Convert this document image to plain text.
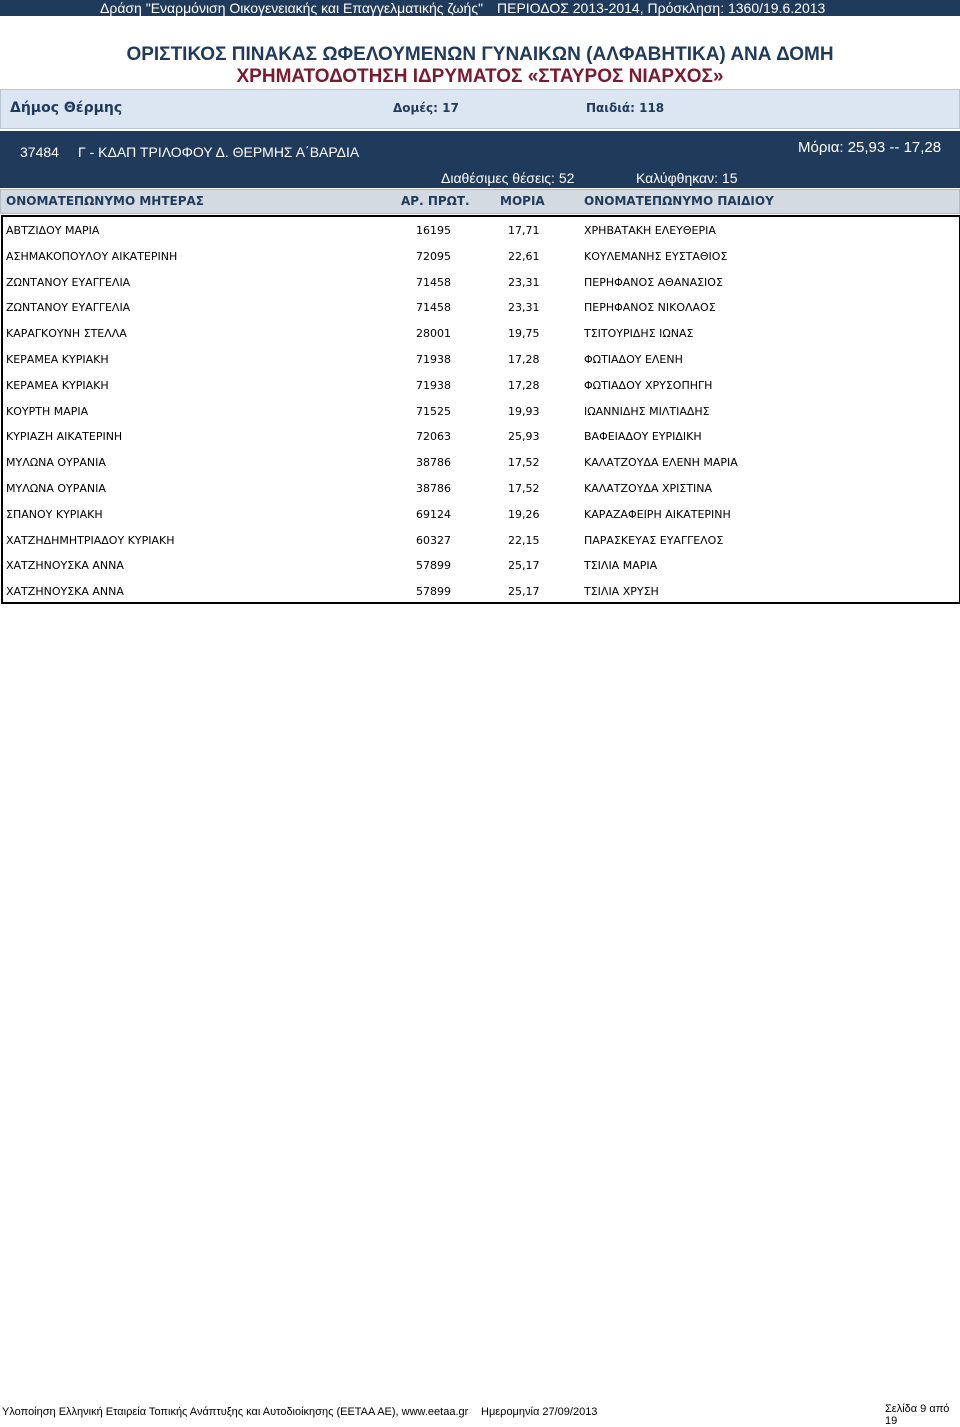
Δράση "Εναρμόνιση Οικογενειακής και Επαγγελματικής ζωής" ΠΕΡΙΟΔΟΣ 2013-2014, Πρόσκληση: 1360/19.6.2013
ΟΡΙΣΤΙΚΟΣ ΠΙΝΑΚΑΣ ΩΦΕΛΟΥΜΕΝΩΝ ΓΥΝΑΙΚΩΝ (ΑΛΦΑΒΗΤΙΚΑ) ΑΝΑ ΔΟΜΗ
ΧΡΗΜΑΤΟΔΟΤΗΣΗ ΙΔΡΥΜΑΤΟΣ «ΣΤΑΥΡΟΣ ΝΙΑΡΧΟΣ»
Δήμος Θέρμης	Δομές: 17	Παιδιά: 118
37484 Γ - ΚΔΑΠ ΤΡΙΛΟΦΟΥ Δ. ΘΕΡΜΗΣ Α΄ΒΑΡΔΙΑ	Μόρια: 25,93 -- 17,28
Διαθέσιμες θέσεις: 52	Καλύφθηκαν: 15
ΟΝΟΜΑΤΕΠΩΝΥΜΟ ΜΗΤΕΡΑΣ	ΑΡ. ΠΡΩΤ.	ΜΟΡΙΑ	ΟΝΟΜΑΤΕΠΩΝΥΜΟ ΠΑΙΔΙΟΥ
ΑΒΤΖΙΔΟΥ ΜΑΡΙΑ	16195	17,71	ΧΡΗΒΑΤΑΚΗ ΕΛΕΥΘΕΡΙΑ
ΑΣΗΜΑΚΟΠΟΥΛΟΥ ΑΙΚΑΤΕΡΙΝΗ	72095	22,61	ΚΟΥΛΕΜΑΝΗΣ ΕΥΣΤΑΘΙΟΣ
ΖΩΝΤΑΝΟΥ ΕΥΑΓΓΕΛΙΑ	71458	23,31	ΠΕΡΗΦΑΝΟΣ ΑΘΑΝΑΣΙΟΣ
ΖΩΝΤΑΝΟΥ ΕΥΑΓΓΕΛΙΑ	71458	23,31	ΠΕΡΗΦΑΝΟΣ ΝΙΚΟΛΑΟΣ
ΚΑΡΑΓΚΟΥΝΗ ΣΤΕΛΛΑ	28001	19,75	ΤΣΙΤΟΥΡΙΔΗΣ ΙΩΝΑΣ
ΚΕΡΑΜΕΑ ΚΥΡΙΑΚΗ	71938	17,28	ΦΩΤΙΑΔΟΥ ΕΛΕΝΗ
ΚΕΡΑΜΕΑ ΚΥΡΙΑΚΗ	71938	17,28	ΦΩΤΙΑΔΟΥ ΧΡΥΣΟΠΗΓΗ
ΚΟΥΡΤΗ ΜΑΡΙΑ	71525	19,93	ΙΩΑΝΝΙΔΗΣ ΜΙΛΤΙΑΔΗΣ
ΚΥΡΙΑΖΗ ΑΙΚΑΤΕΡΙΝΗ	72063	25,93	ΒΑΦΕΙΑΔΟΥ ΕΥΡΙΔΙΚΗ
ΜΥΛΩΝΑ ΟΥΡΑΝΙΑ	38786	17,52	ΚΑΛΑΤΖΟΥΔΑ ΕΛΕΝΗ ΜΑΡΙΑ
ΜΥΛΩΝΑ ΟΥΡΑΝΙΑ	38786	17,52	ΚΑΛΑΤΖΟΥΔΑ ΧΡΙΣΤΙΝΑ
ΣΠΑΝΟΥ ΚΥΡΙΑΚΗ	69124	19,26	ΚΑΡΑΖΑΦΕΙΡΗ ΑΙΚΑΤΕΡΙΝΗ
ΧΑΤΖΗΔΗΜΗΤΡΙΑΔΟΥ ΚΥΡΙΑΚΗ	60327	22,15	ΠΑΡΑΣΚΕΥΑΣ ΕΥΑΓΓΕΛΟΣ
ΧΑΤΖΗΝΟΥΣΚΑ ΑΝΝΑ	57899	25,17	ΤΣΙΛΙΑ ΜΑΡΙΑ
ΧΑΤΖΗΝΟΥΣΚΑ ΑΝΝΑ	57899	25,17	ΤΣΙΛΙΑ ΧΡΥΣΗ
Υλοποίηση Ελληνική Εταιρεία Τοπικής Ανάπτυξης και Αυτοδιοίκησης (ΕΕΤΑΑ ΑΕ), www.eetaa.gr Ημερομηνία 27/09/2013	Σελίδα 9 από 19
